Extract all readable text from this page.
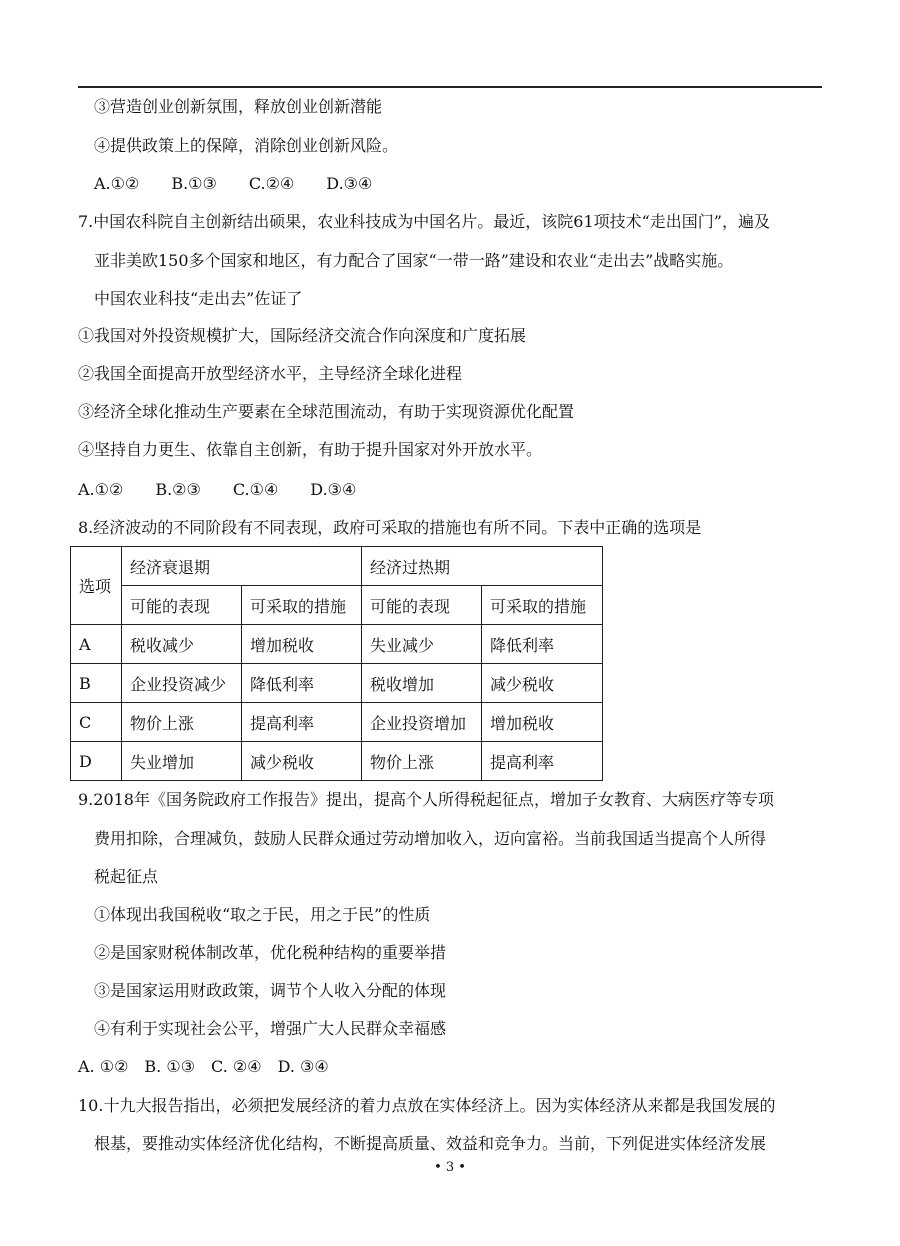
③营造创业创新氛围，释放创业创新潜能
④提供政策上的保障，消除创业创新风险。
A.①②　　B.①③　　C.②④　　D.③④
7.中国农科院自主创新结出硕果，农业科技成为中国名片。最近，该院61项技术“走出国门”，遍及
亚非美欧150多个国家和地区，有力配合了国家“一带一路”建设和农业“走出去”战略实施。
中国农业科技“走出去”佐证了
①我国对外投资规模扩大，国际经济交流合作向深度和广度拓展
②我国全面提高开放型经济水平，主导经济全球化进程
③经济全球化推动生产要素在全球范围流动，有助于实现资源优化配置
④坚持自力更生、依靠自主创新，有助于提升国家对外开放水平。
A.①②　　B.②③　　C.①④　　D.③④
8.经济波动的不同阶段有不同表现，政府可采取的措施也有所不同。下表中正确的选项是
选项	经济衰退期		经济过热期	
	可能的表现	可采取的措施	可能的表现	可采取的措施
A	税收减少	增加税收	失业减少	降低利率
B	企业投资减少	降低利率	税收增加	减少税收
C	物价上涨	提高利率	企业投资增加	增加税收
D	失业增加	减少税收	物价上涨	提高利率
9.2018年《国务院政府工作报告》提出，提高个人所得税起征点，增加子女教育、大病医疗等专项
费用扣除，合理减负，鼓励人民群众通过劳动增加收入，迈向富裕。当前我国适当提高个人所得
税起征点
①体现出我国税收“取之于民，用之于民”的性质
②是国家财税体制改革，优化税种结构的重要举措
③是国家运用财政政策，调节个人收入分配的体现
④有利于实现社会公平，增强广大人民群众幸福感
A. ①②　B. ①③　C. ②④　D. ③④
10.十九大报告指出，必须把发展经济的着力点放在实体经济上。因为实体经济从来都是我国发展的
根基，要推动实体经济优化结构，不断提高质量、效益和竞争力。当前，下列促进实体经济发展
• 3 •
